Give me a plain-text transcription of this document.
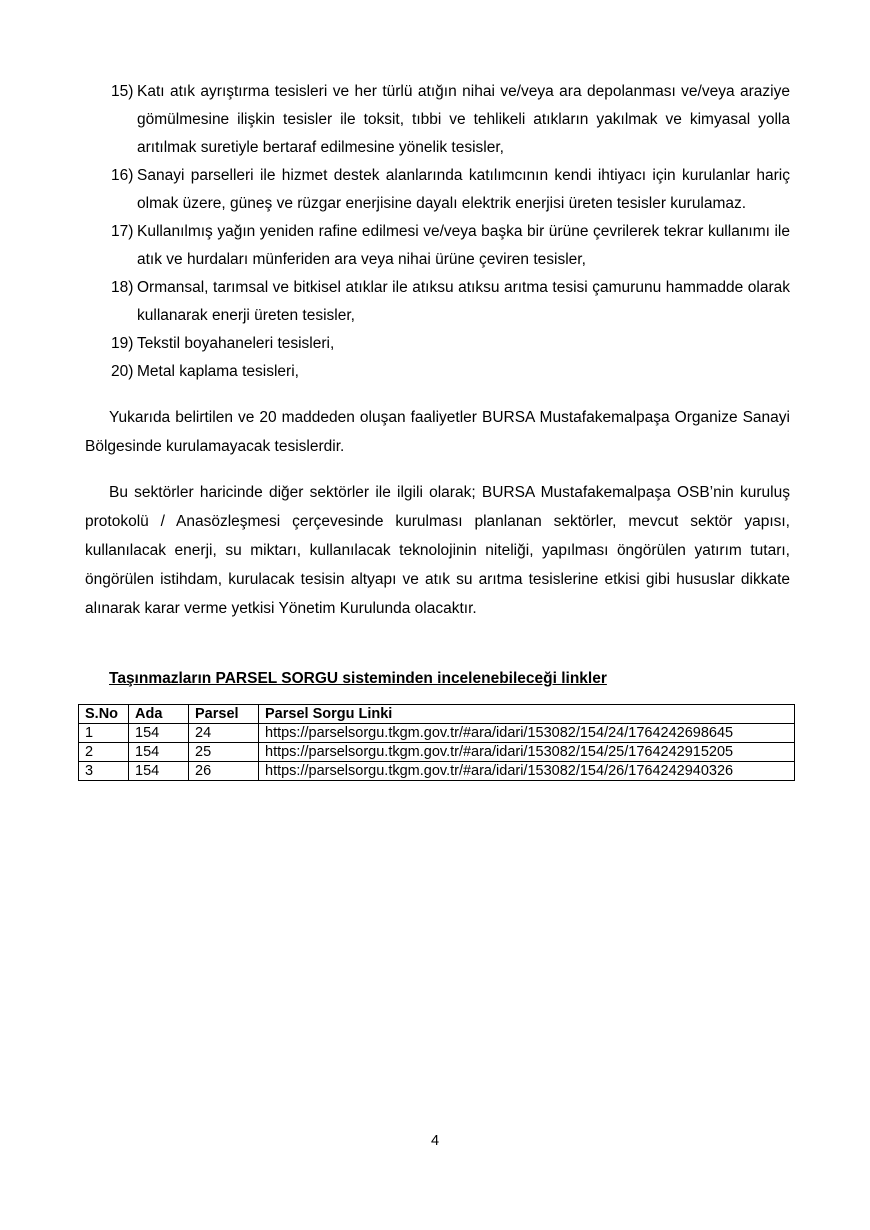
15) Katı atık ayrıştırma tesisleri ve her türlü atığın nihai ve/veya ara depolanması ve/veya araziye gömülmesine ilişkin tesisler ile toksit, tıbbi ve tehlikeli atıkların yakılmak ve kimyasal yolla arıtılmak suretiyle bertaraf edilmesine yönelik tesisler,
16) Sanayi parselleri ile hizmet destek alanlarında katılımcının kendi ihtiyacı için kurulanlar hariç olmak üzere, güneş ve rüzgar enerjisine dayalı elektrik enerjisi üreten tesisler kurulamaz.
17) Kullanılmış yağın yeniden rafine edilmesi ve/veya başka bir ürüne çevrilerek tekrar kullanımı ile atık ve hurdaları münferiden ara veya nihai ürüne çeviren tesisler,
18) Ormansal, tarımsal ve bitkisel atıklar ile atıksu atıksu arıtma tesisi çamurunu hammadde olarak kullanarak enerji üreten tesisler,
19) Tekstil boyahaneleri tesisleri,
20) Metal kaplama tesisleri,

Yukarıda belirtilen ve 20 maddeden oluşan faaliyetler BURSA Mustafakemalpaşa Organize Sanayi Bölgesinde kurulamayacak tesislerdir.

Bu sektörler haricinde diğer sektörler ile ilgili olarak; BURSA Mustafakemalpaşa OSB’nin kuruluş protokolü / Anasözleşmesi çerçevesinde kurulması planlanan sektörler, mevcut sektör yapısı, kullanılacak enerji, su miktarı, kullanılacak teknolojinin niteliği, yapılması öngörülen yatırım tutarı, öngörülen istihdam, kurulacak tesisin altyapı ve atık su arıtma tesislerine etkisi gibi hususlar dikkate alınarak karar verme yetkisi Yönetim Kurulunda olacaktır.

Taşınmazların PARSEL SORGU sisteminden incelenebileceği linkler
S.No	Ada	Parsel	Parsel Sorgu Linki
1	154	24	https://parselsorgu.tkgm.gov.tr/#ara/idari/153082/154/24/1764242698645
2	154	25	https://parselsorgu.tkgm.gov.tr/#ara/idari/153082/154/25/1764242915205
3	154	26	https://parselsorgu.tkgm.gov.tr/#ara/idari/153082/154/26/1764242940326
4
